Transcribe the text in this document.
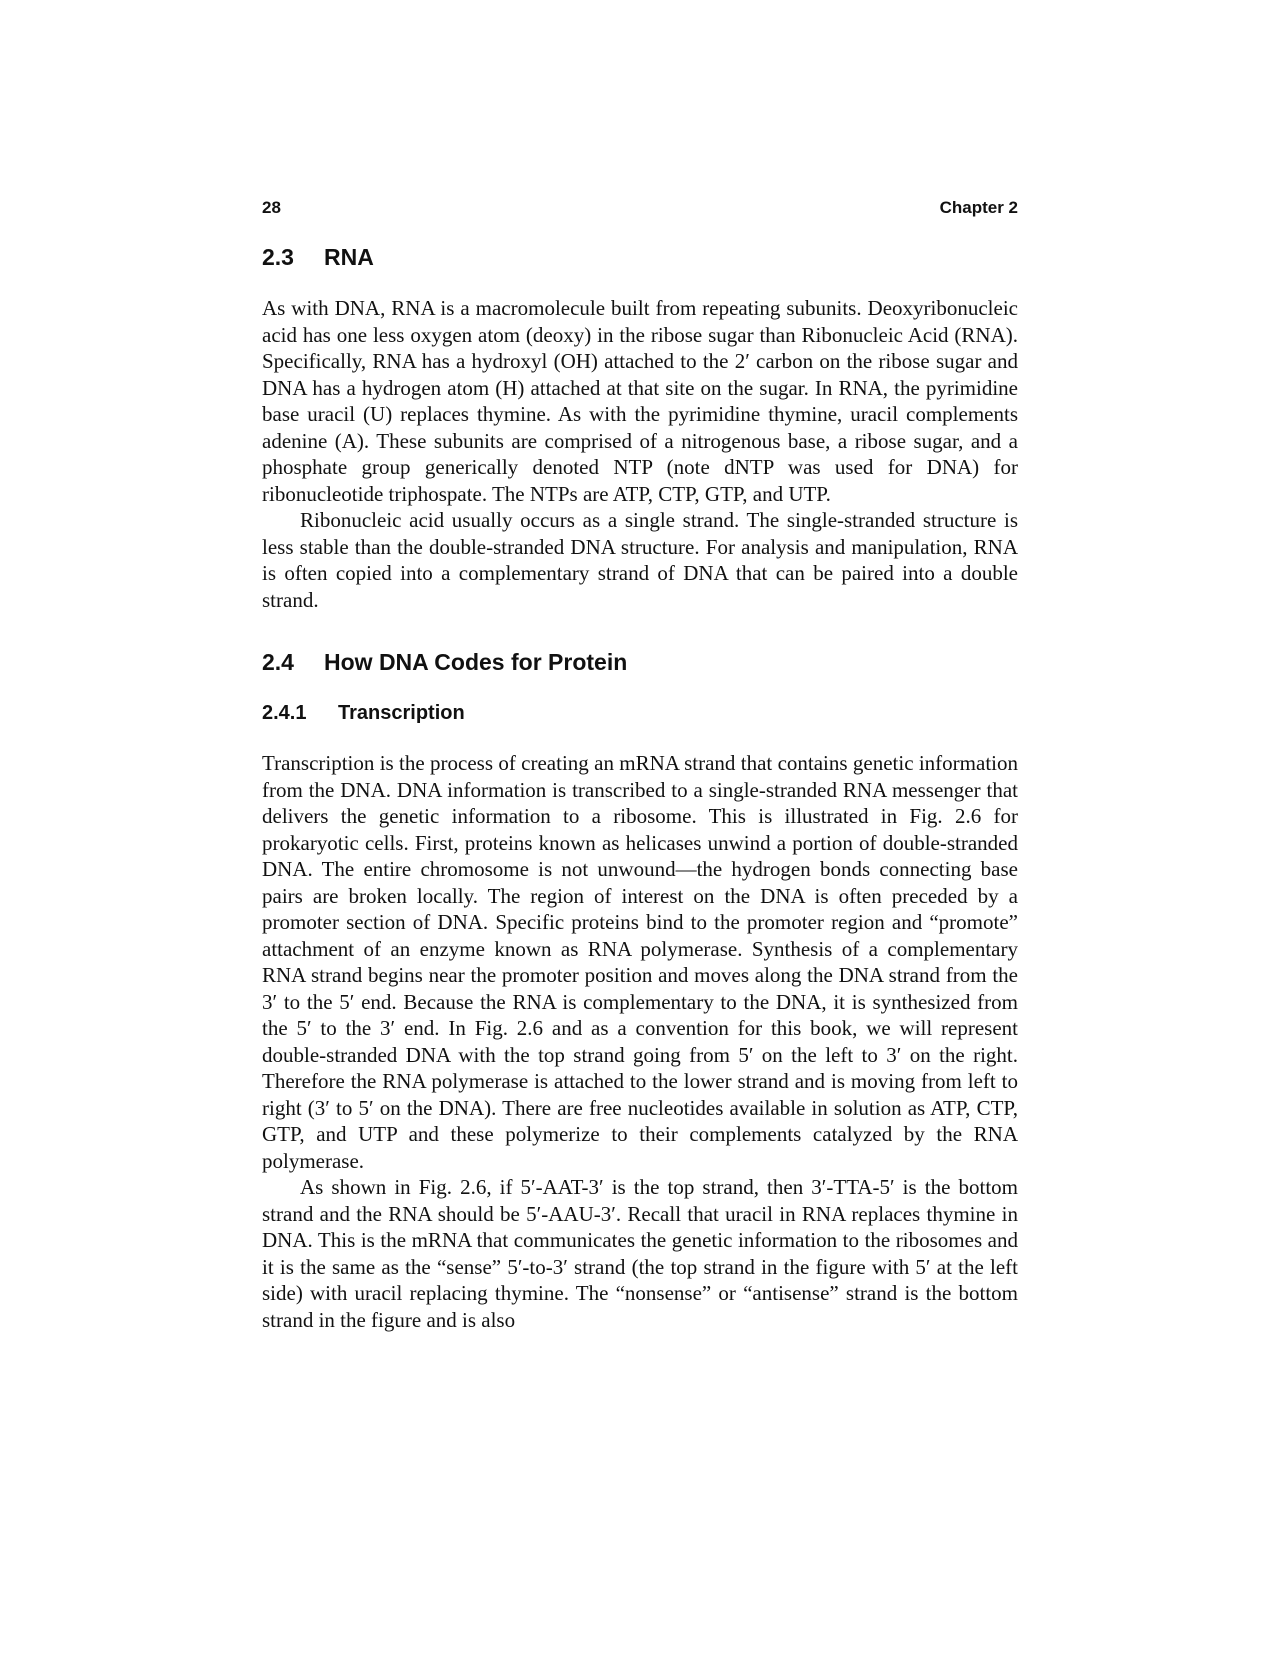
28	Chapter 2
2.3 RNA

As with DNA, RNA is a macromolecule built from repeating subunits. Deoxyribonucleic acid has one less oxygen atom (deoxy) in the ribose sugar than Ribonucleic Acid (RNA). Specifically, RNA has a hydroxyl (OH) attached to the 2′ carbon on the ribose sugar and DNA has a hydrogen atom (H) attached at that site on the sugar. In RNA, the pyrimidine base uracil (U) replaces thymine. As with the pyrimidine thymine, uracil complements adenine (A). These subunits are comprised of a nitrogenous base, a ribose sugar, and a phosphate group generically denoted NTP (note dNTP was used for DNA) for ribonucleotide triphospate. The NTPs are ATP, CTP, GTP, and UTP.

Ribonucleic acid usually occurs as a single strand. The single-stranded structure is less stable than the double-stranded DNA structure. For analysis and manipulation, RNA is often copied into a complementary strand of DNA that can be paired into a double strand.

2.4 How DNA Codes for Protein
2.4.1 Transcription

Transcription is the process of creating an mRNA strand that contains genetic information from the DNA. DNA information is transcribed to a single-stranded RNA messenger that delivers the genetic information to a ribosome. This is illustrated in Fig. 2.6 for prokaryotic cells. First, proteins known as helicases unwind a portion of double-stranded DNA. The entire chromosome is not unwound—the hydrogen bonds connecting base pairs are broken locally. The region of interest on the DNA is often preceded by a promoter section of DNA. Specific proteins bind to the promoter region and “promote” attachment of an enzyme known as RNA polymerase. Synthesis of a complementary RNA strand begins near the promoter position and moves along the DNA strand from the 3′ to the 5′ end. Because the RNA is complementary to the DNA, it is synthesized from the 5′ to the 3′ end. In Fig. 2.6 and as a convention for this book, we will represent double-stranded DNA with the top strand going from 5′ on the left to 3′ on the right. Therefore the RNA polymerase is attached to the lower strand and is moving from left to right (3′ to 5′ on the DNA). There are free nucleotides available in solution as ATP, CTP, GTP, and UTP and these polymerize to their complements catalyzed by the RNA polymerase.

As shown in Fig. 2.6, if 5′-AAT-3′ is the top strand, then 3′-TTA-5′ is the bottom strand and the RNA should be 5′-AAU-3′. Recall that uracil in RNA replaces thymine in DNA. This is the mRNA that communicates the genetic information to the ribosomes and it is the same as the “sense” 5′-to-3′ strand (the top strand in the figure with 5′ at the left side) with uracil replacing thymine. The “nonsense” or “antisense” strand is the bottom strand in the figure and is also
